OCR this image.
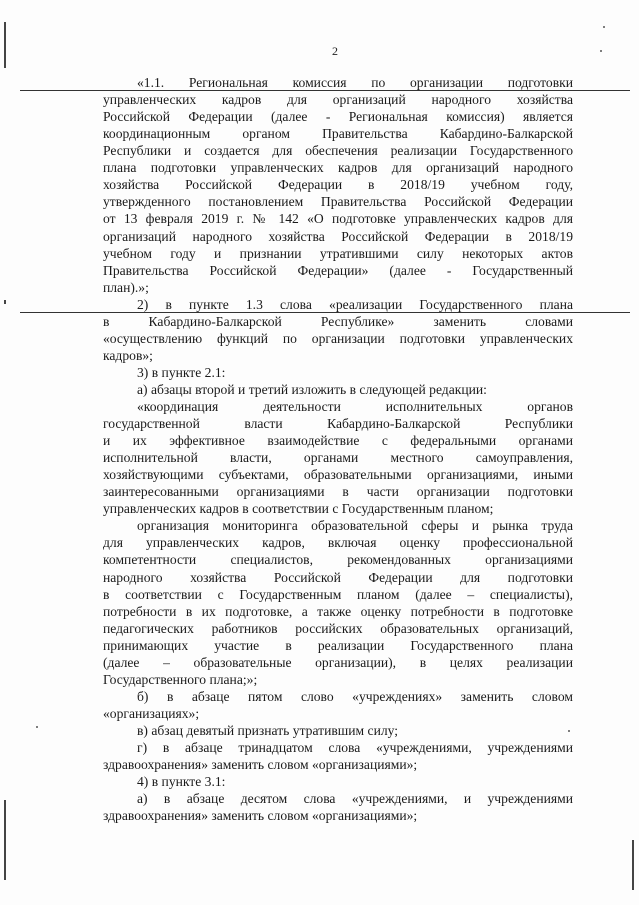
2
«1.1. Региональная комиссия по организации подготовки
управленческих кадров для организаций народного хозяйства
Российской Федерации (далее - Региональная комиссия) является
координационным органом Правительства Кабардино-Балкарской
Республики и создается для обеспечения реализации Государственного
плана подготовки управленческих кадров для организаций народного
хозяйства Российской Федерации в 2018/19 учебном году,
утвержденного постановлением Правительства Российской Федерации
от 13 февраля 2019 г. № 142 «О подготовке управленческих кадров для
организаций народного хозяйства Российской Федерации в 2018/19
учебном году и признании утратившими силу некоторых актов
Правительства Российской Федерации» (далее - Государственный
план).»;
2) в пункте 1.3 слова «реализации Государственного плана
в Кабардино-Балкарской Республике» заменить словами
«осуществлению функций по организации подготовки управленческих
кадров»;
3) в пункте 2.1:
а) абзацы второй и третий изложить в следующей редакции:
«координация деятельности исполнительных органов
государственной власти Кабардино-Балкарской Республики
и их эффективное взаимодействие с федеральными органами
исполнительной власти, органами местного самоуправления,
хозяйствующими субъектами, образовательными организациями, иными
заинтересованными организациями в части организации подготовки
управленческих кадров в соответствии с Государственным планом;
организация мониторинга образовательной сферы и рынка труда
для управленческих кадров, включая оценку профессиональной
компетентности специалистов, рекомендованных организациями
народного хозяйства Российской Федерации для подготовки
в соответствии с Государственным планом (далее – специалисты),
потребности в их подготовке, а также оценку потребности в подготовке
педагогических работников российских образовательных организаций,
принимающих участие в реализации Государственного плана
(далее – образовательные организации), в целях реализации
Государственного плана;»;
б) в абзаце пятом слово «учреждениях» заменить словом
«организациях»;
в) абзац девятый признать утратившим силу;
г) в абзаце тринадцатом слова «учреждениями, учреждениями
здравоохранения» заменить словом «организациями»;
4) в пункте 3.1:
а) в абзаце десятом слова «учреждениями, и учреждениями
здравоохранения» заменить словом «организациями»;
